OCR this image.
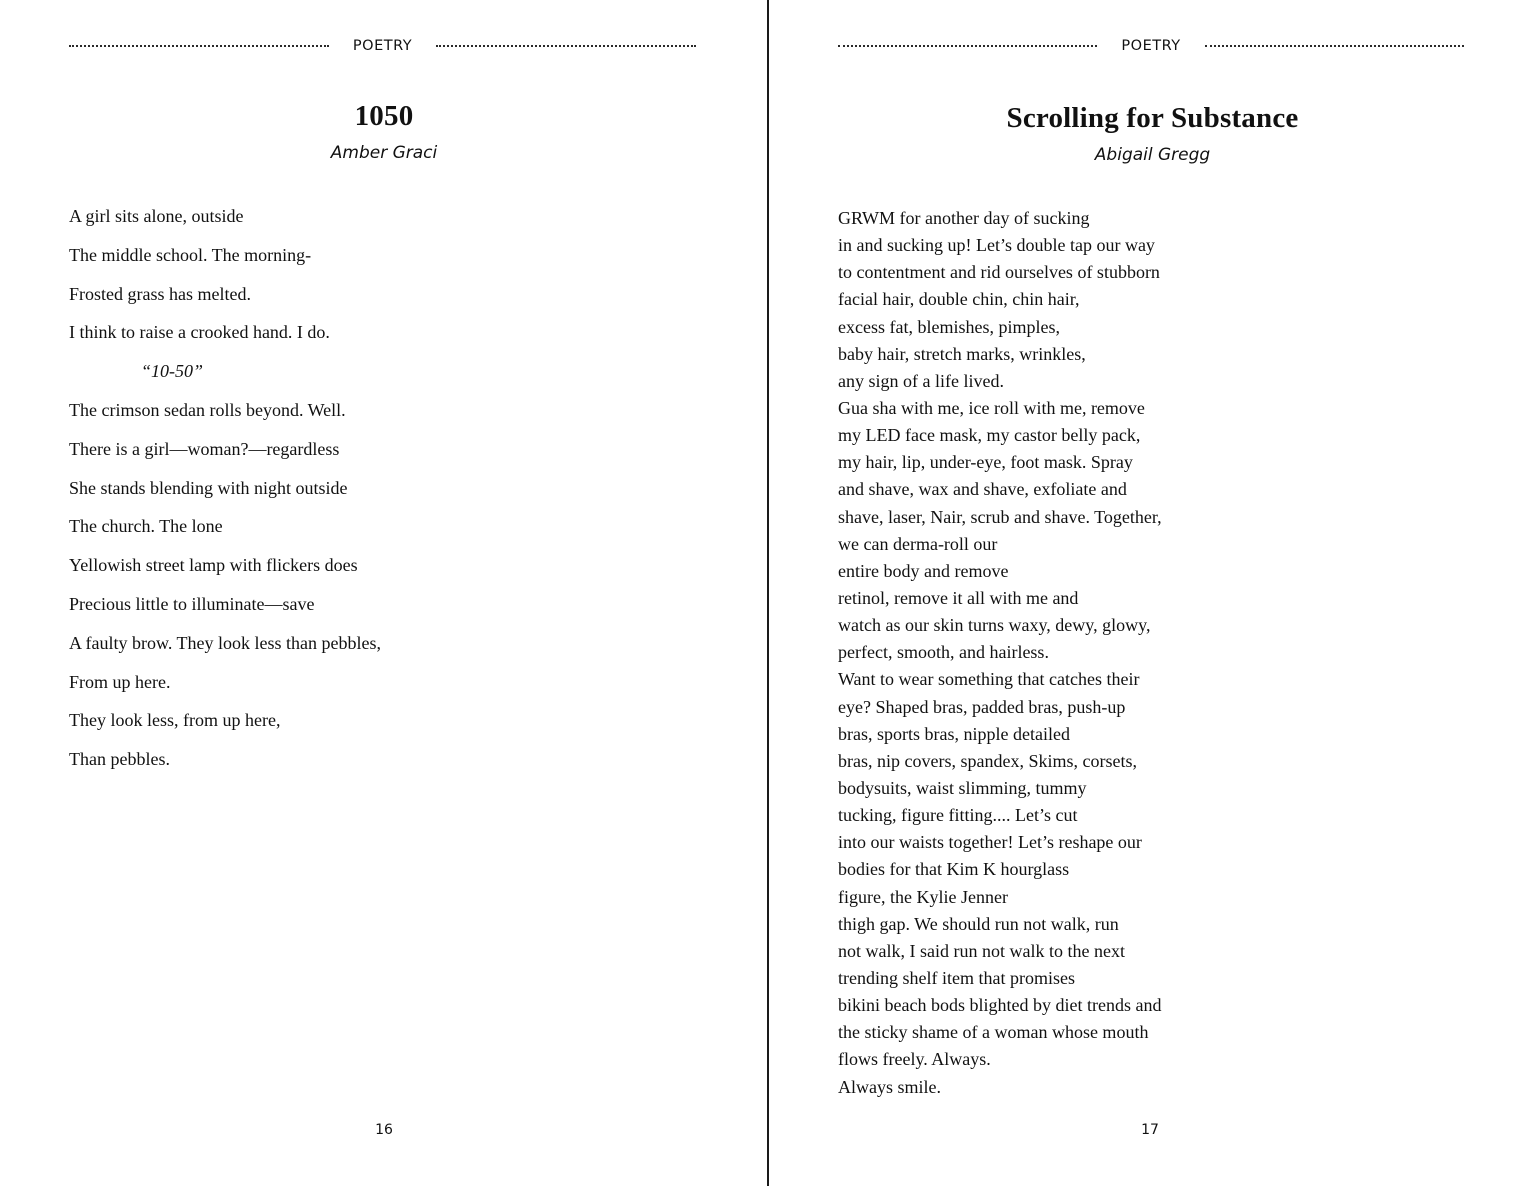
POETRY
1050
Amber Graci
A girl sits alone, outside
The middle school. The morning-
Frosted grass has melted.
I think to raise a crooked hand. I do.
“10-50”
The crimson sedan rolls beyond. Well.
There is a girl—woman?—regardless
She stands blending with night outside
The church. The lone
Yellowish street lamp with flickers does
Precious little to illuminate—save
A faulty brow. They look less than pebbles,
From up here.
They look less, from up here,
Than pebbles.
16
POETRY
Scrolling for Substance
Abigail Gregg
GRWM for another day of sucking
in and sucking up! Let’s double tap our way
to contentment and rid ourselves of stubborn
facial hair, double chin, chin hair,
excess fat, blemishes, pimples,
baby hair, stretch marks, wrinkles,
any sign of a life lived.
Gua sha with me, ice roll with me, remove
my LED face mask, my castor belly pack,
my hair, lip, under-eye, foot mask. Spray
and shave, wax and shave, exfoliate and
shave, laser, Nair, scrub and shave. Together,
we can derma-roll our
entire body and remove
retinol, remove it all with me and
watch as our skin turns waxy, dewy, glowy,
perfect, smooth, and hairless.
Want to wear something that catches their
eye? Shaped bras, padded bras, push-up
bras, sports bras, nipple detailed
bras, nip covers, spandex, Skims, corsets,
bodysuits, waist slimming, tummy
tucking, figure fitting.... Let’s cut
into our waists together! Let’s reshape our
bodies for that Kim K hourglass
figure, the Kylie Jenner
thigh gap. We should run not walk, run
not walk, I said run not walk to the next
trending shelf item that promises
bikini beach bods blighted by diet trends and
the sticky shame of a woman whose mouth
flows freely. Always.
Always smile.
17
